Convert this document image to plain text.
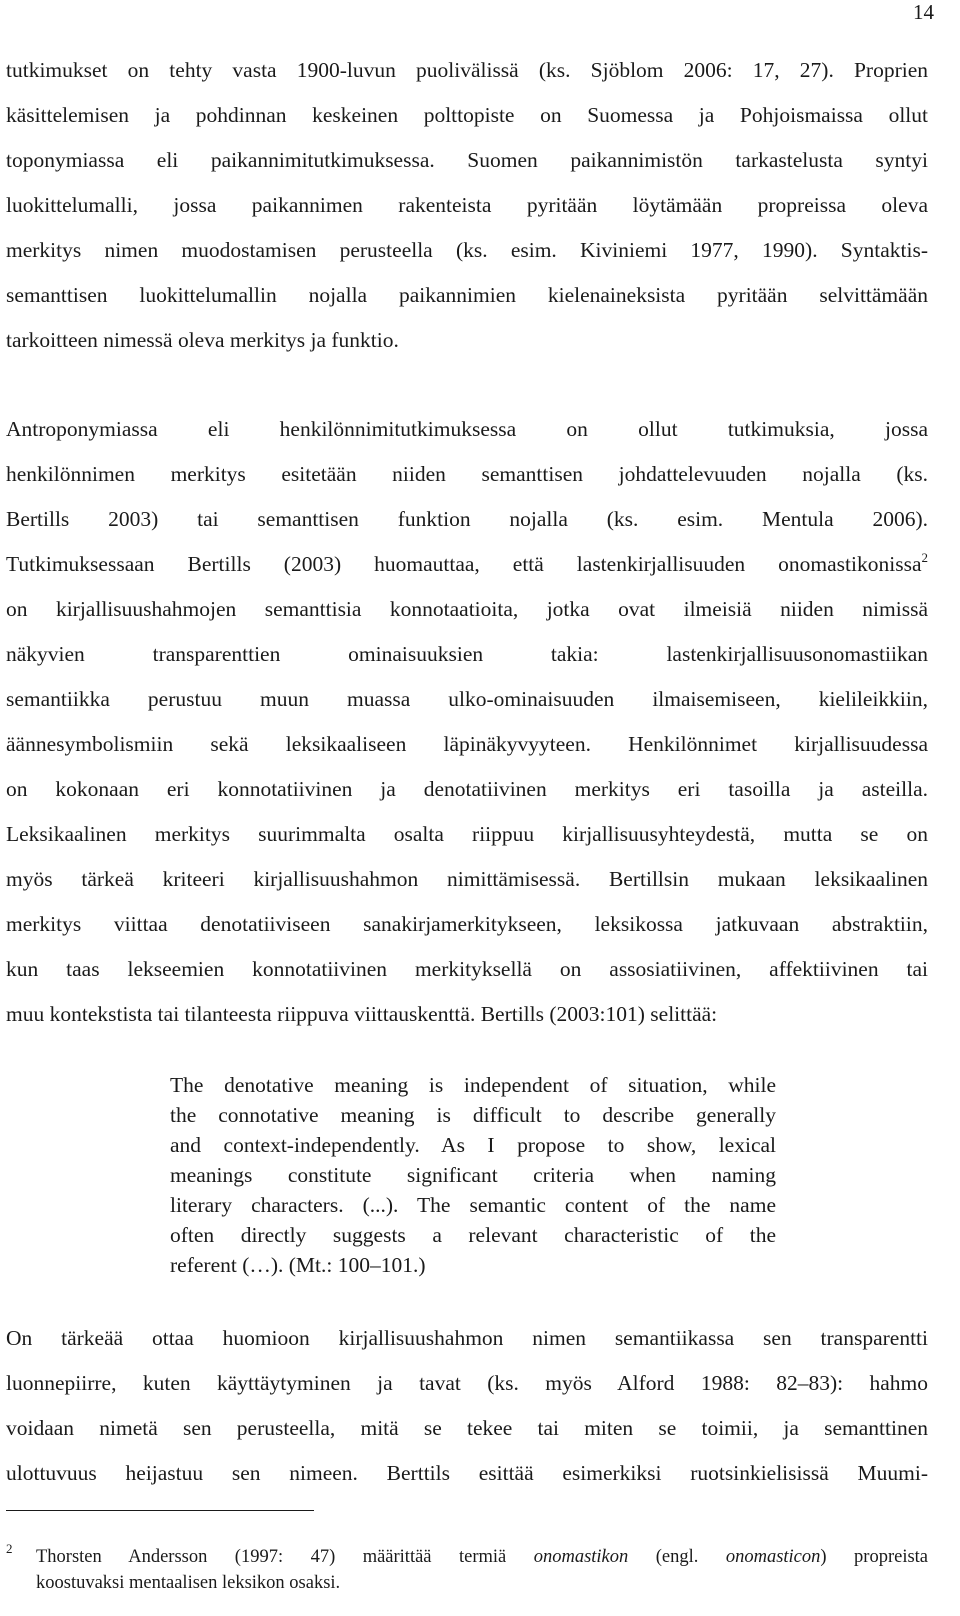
14
tutkimukset on tehty vasta 1900-luvun puolivälissä (ks. Sjöblom 2006: 17, 27). Proprien
käsittelemisen ja pohdinnan keskeinen polttopiste on Suomessa ja Pohjoismaissa ollut
toponymiassa eli paikannimitutkimuksessa. Suomen paikannimistön tarkastelusta syntyi
luokittelumalli, jossa paikannimen rakenteista pyritään löytämään propreissa oleva
merkitys nimen muodostamisen perusteella (ks. esim. Kiviniemi 1977, 1990). Syntaktis-
semanttisen luokittelumallin nojalla paikannimien kielenaineksista pyritään selvittämään
tarkoitteen nimessä oleva merkitys ja funktio.
Antroponymiassa eli henkilönnimitutkimuksessa on ollut tutkimuksia, jossa
henkilönnimen merkitys esitetään niiden semanttisen johdattelevuuden nojalla (ks.
Bertills 2003) tai semanttisen funktion nojalla (ks. esim. Mentula 2006).
Tutkimuksessaan Bertills (2003) huomauttaa, että lastenkirjallisuuden onomastikonissa$^2$
on kirjallisuushahmojen semanttisia konnotaatioita, jotka ovat ilmeisiä niiden nimissä
näkyvien transparenttien ominaisuuksien takia: lastenkirjallisuusonomastiikan
semantiikka perustuu muun muassa ulko-ominaisuuden ilmaisemiseen, kielileikkiin,
äännesymbolismiin sekä leksikaaliseen läpinäkyvyyteen. Henkilönnimet kirjallisuudessa
on kokonaan eri konnotatiivinen ja denotatiivinen merkitys eri tasoilla ja asteilla.
Leksikaalinen merkitys suurimmalta osalta riippuu kirjallisuusyhteydestä, mutta se on
myös tärkeä kriteeri kirjallisuushahmon nimittämisessä. Bertillsin mukaan leksikaalinen
merkitys viittaa denotatiiviseen sanakirjamerkitykseen, leksikossa jatkuvaan abstraktiin,
kun taas lekseemien konnotatiivinen merkityksellä on assosiatiivinen, affektiivinen tai
muu kontekstista tai tilanteesta riippuva viittauskenttä. Bertills (2003:101) selittää:
The denotative meaning is independent of situation, while
the connotative meaning is difficult to describe generally
and context-independently. As I propose to show, lexical
meanings constitute significant criteria when naming
literary characters. (...). The semantic content of the name
often directly suggests a relevant characteristic of the
referent (…). (Mt.: 100–101.)
On tärkeää ottaa huomioon kirjallisuushahmon nimen semantiikassa sen transparentti
luonnepiirre, kuten käyttäytyminen ja tavat (ks. myös Alford 1988: 82–83): hahmo
voidaan nimetä sen perusteella, mitä se tekee tai miten se toimii, ja semanttinen
ulottuvuus heijastuu sen nimeen. Berttils esittää esimerkiksi ruotsinkielisissä Muumi-
2 Thorsten Andersson (1997: 47) määrittää termiä onomastikon (engl. onomasticon) propreista
koostuvaksi mentaalisen leksikon osaksi.
